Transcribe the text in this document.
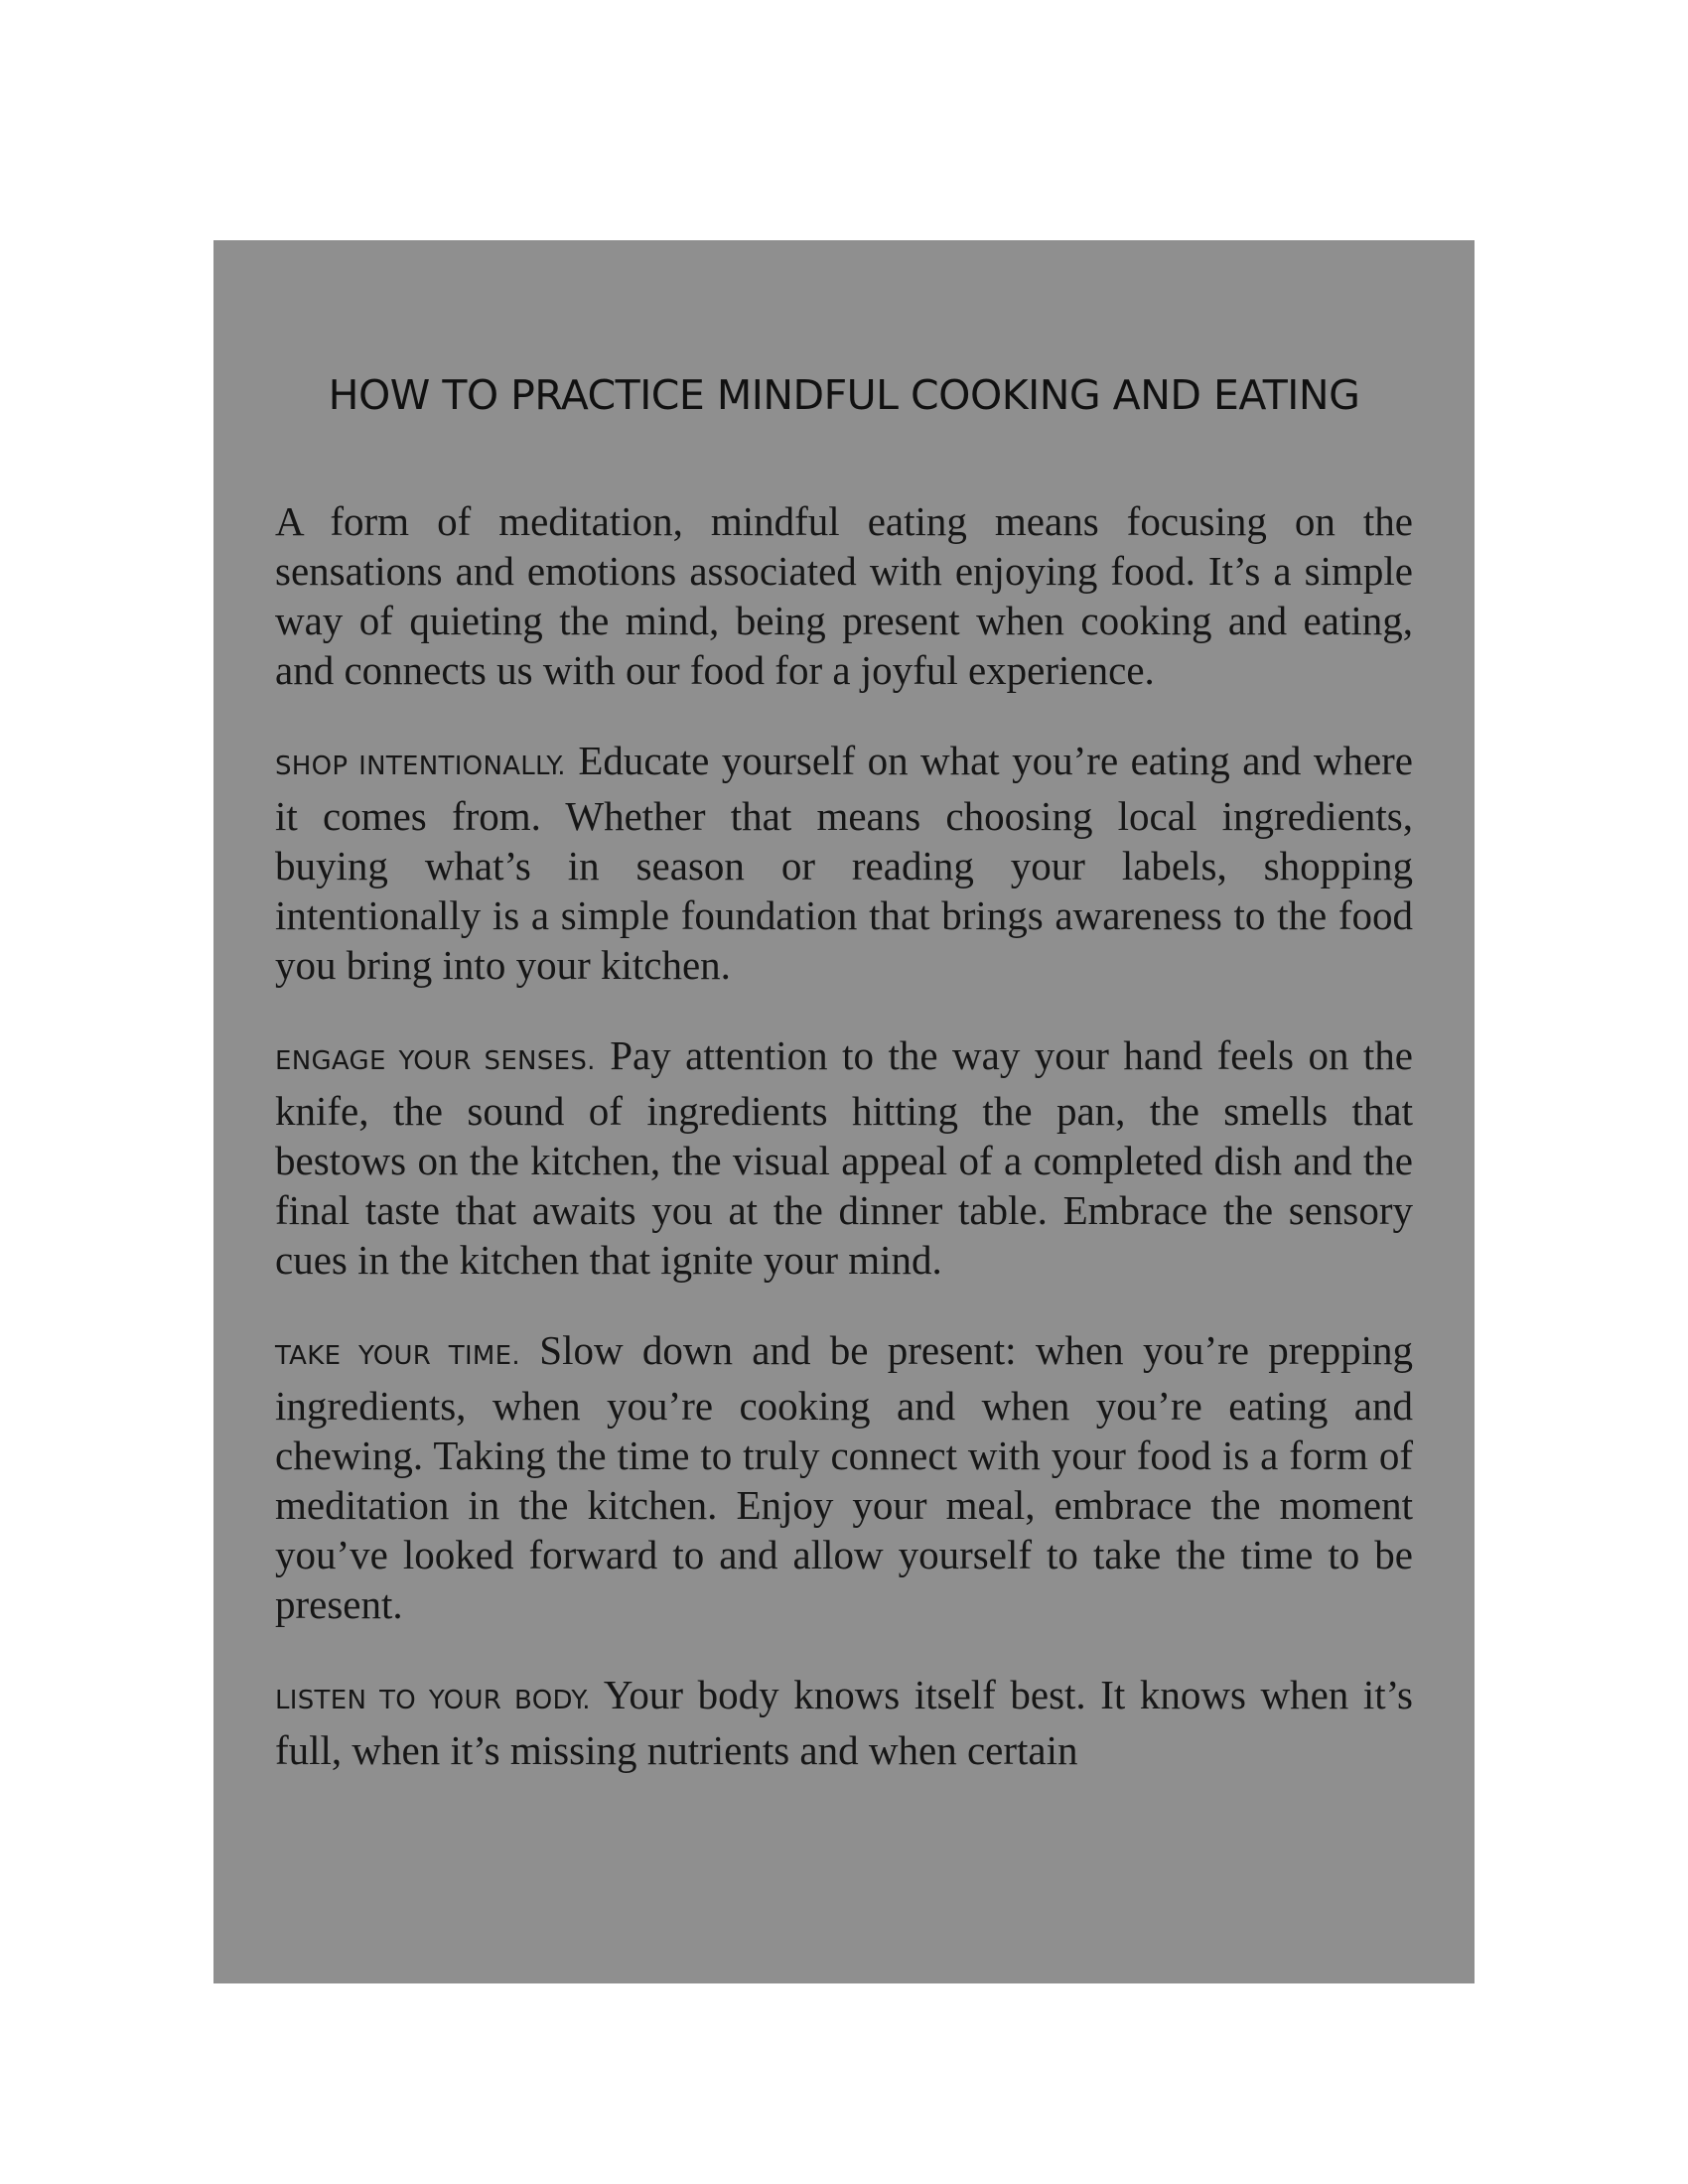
HOW TO PRACTICE MINDFUL COOKING AND EATING

A form of meditation, mindful eating means focusing on the sensations and emotions associated with enjoying food. It’s a simple way of quieting the mind, being present when cooking and eating, and connects us with our food for a joyful experience.

SHOP INTENTIONALLY. Educate yourself on what you’re eating and where it comes from. Whether that means choosing local ingredients, buying what’s in season or reading your labels, shopping intentionally is a simple foundation that brings awareness to the food you bring into your kitchen.

ENGAGE YOUR SENSES. Pay attention to the way your hand feels on the knife, the sound of ingredients hitting the pan, the smells that bestows on the kitchen, the visual appeal of a completed dish and the final taste that awaits you at the dinner table. Embrace the sensory cues in the kitchen that ignite your mind.

TAKE YOUR TIME. Slow down and be present: when you’re prepping ingredients, when you’re cooking and when you’re eating and chewing. Taking the time to truly connect with your food is a form of meditation in the kitchen. Enjoy your meal, embrace the moment you’ve looked forward to and allow yourself to take the time to be present.

LISTEN TO YOUR BODY. Your body knows itself best. It knows when it’s full, when it’s missing nutrients and when certain
